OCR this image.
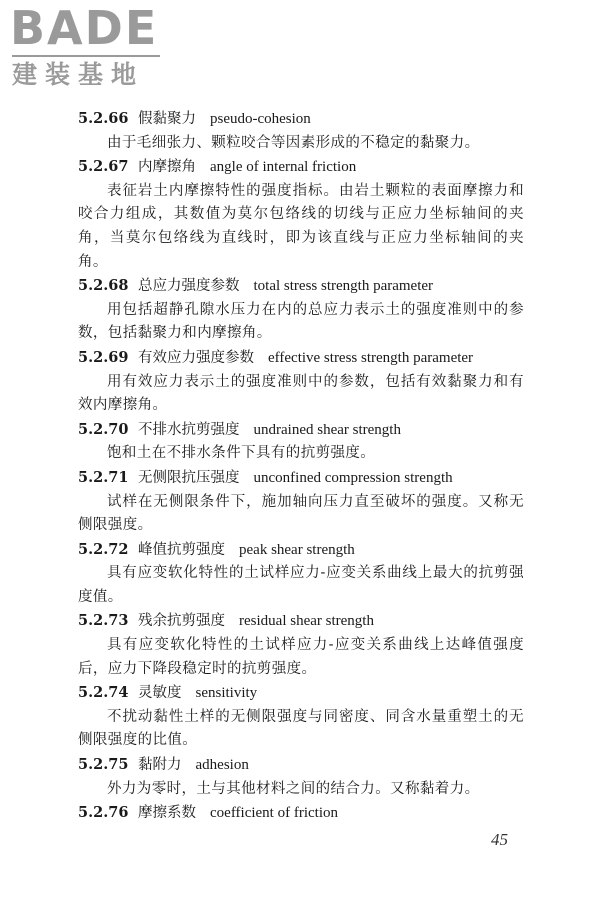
BADE
建装基地
5.2.66 假黏聚力 pseudo-cohesion

由于毛细张力、颗粒咬合等因素形成的不稳定的黏聚力。

5.2.67 内摩擦角 angle of internal friction

表征岩土内摩擦特性的强度指标。由岩土颗粒的表面摩擦力和咬合力组成，其数值为莫尔包络线的切线与正应力坐标轴间的夹角，当莫尔包络线为直线时，即为该直线与正应力坐标轴间的夹角。

5.2.68 总应力强度参数 total stress strength parameter

用包括超静孔隙水压力在内的总应力表示土的强度准则中的参数，包括黏聚力和内摩擦角。

5.2.69 有效应力强度参数 effective stress strength parameter

用有效应力表示土的强度准则中的参数，包括有效黏聚力和有效内摩擦角。

5.2.70 不排水抗剪强度 undrained shear strength

饱和土在不排水条件下具有的抗剪强度。

5.2.71 无侧限抗压强度 unconfined compression strength

试样在无侧限条件下，施加轴向压力直至破坏的强度。又称无侧限强度。

5.2.72 峰值抗剪强度 peak shear strength

具有应变软化特性的土试样应力-应变关系曲线上最大的抗剪强度值。

5.2.73 残余抗剪强度 residual shear strength

具有应变软化特性的土试样应力-应变关系曲线上达峰值强度后，应力下降段稳定时的抗剪强度。

5.2.74 灵敏度 sensitivity

不扰动黏性土样的无侧限强度与同密度、同含水量重塑土的无侧限强度的比值。

5.2.75 黏附力 adhesion

外力为零时，土与其他材料之间的结合力。又称黏着力。

5.2.76 摩擦系数 coefficient of friction
45
